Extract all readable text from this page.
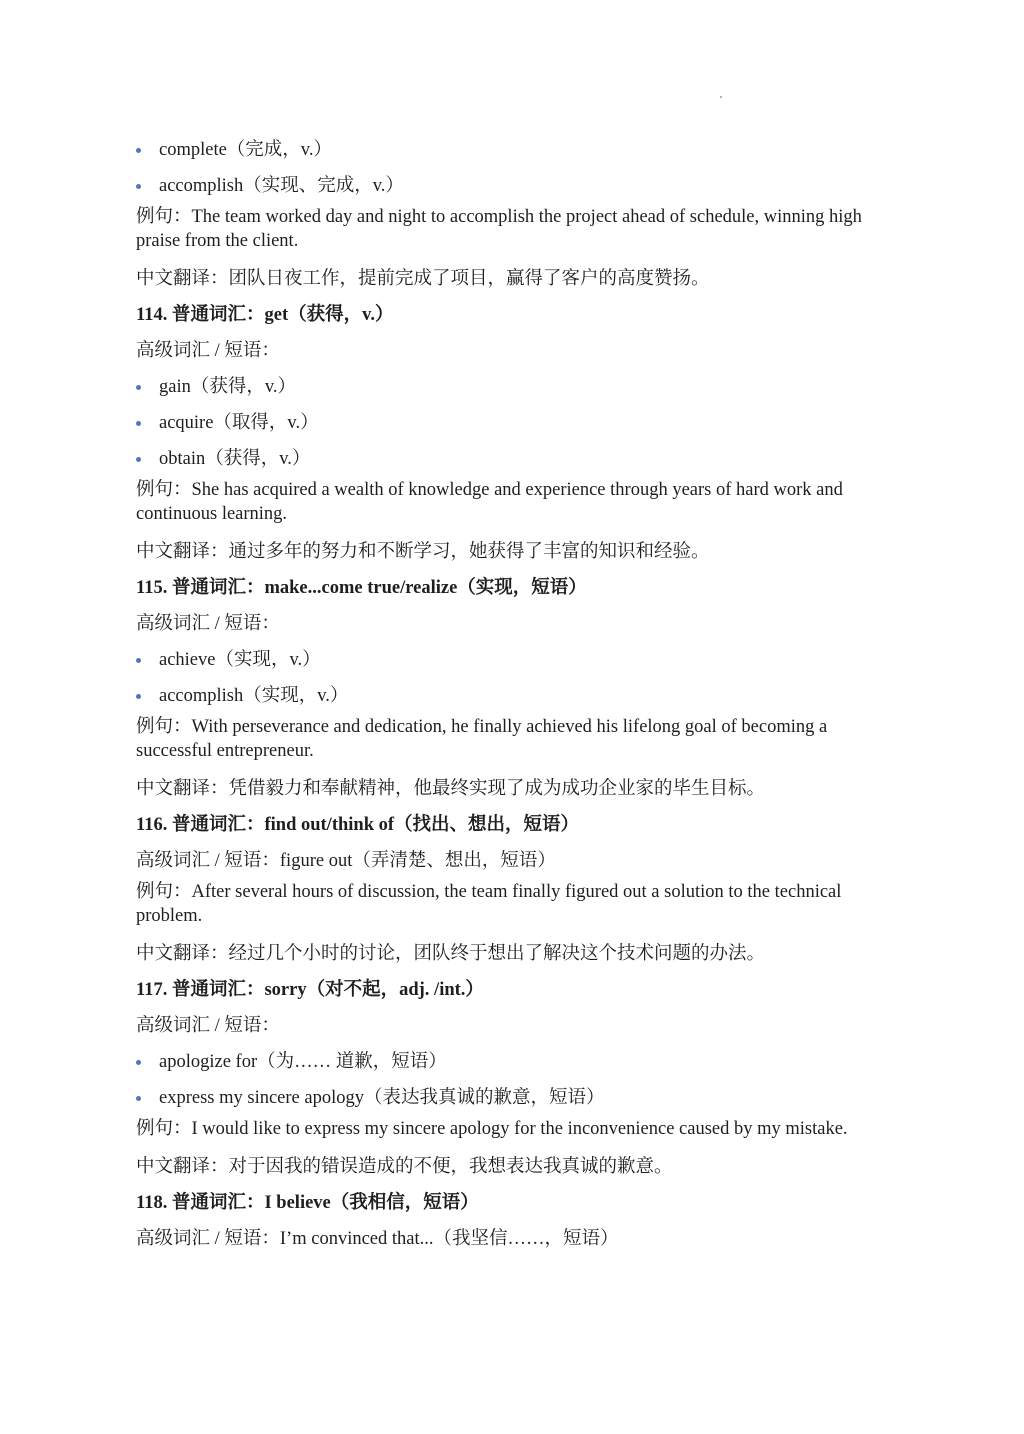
complete（完成，v.）
accomplish（实现、完成，v.）
例句：The team worked day and night to accomplish the project ahead of schedule, winning high praise from the client.
中文翻译：团队日夜工作，提前完成了项目，赢得了客户的高度赞扬。
114. 普通词汇：get（获得，v.）
高级词汇 / 短语：
gain（获得，v.）
acquire（取得，v.）
obtain（获得，v.）
例句：She has acquired a wealth of knowledge and experience through years of hard work and continuous learning.
中文翻译：通过多年的努力和不断学习，她获得了丰富的知识和经验。
115. 普通词汇：make...come true/realize（实现，短语）
高级词汇 / 短语：
achieve（实现，v.）
accomplish（实现，v.）
例句：With perseverance and dedication, he finally achieved his lifelong goal of becoming a successful entrepreneur.
中文翻译：凭借毅力和奉献精神，他最终实现了成为成功企业家的毕生目标。
116. 普通词汇：find out/think of（找出、想出，短语）
高级词汇 / 短语：figure out（弄清楚、想出，短语）
例句：After several hours of discussion, the team finally figured out a solution to the technical problem.
中文翻译：经过几个小时的讨论，团队终于想出了解决这个技术问题的办法。
117. 普通词汇：sorry（对不起，adj. /int.）
高级词汇 / 短语：
apologize for（为…… 道歉，短语）
express my sincere apology（表达我真诚的歉意，短语）
例句：I would like to express my sincere apology for the inconvenience caused by my mistake.
中文翻译：对于因我的错误造成的不便，我想表达我真诚的歉意。
118. 普通词汇：I believe（我相信，短语）
高级词汇 / 短语：I’m convinced that...（我坚信……，短语）
